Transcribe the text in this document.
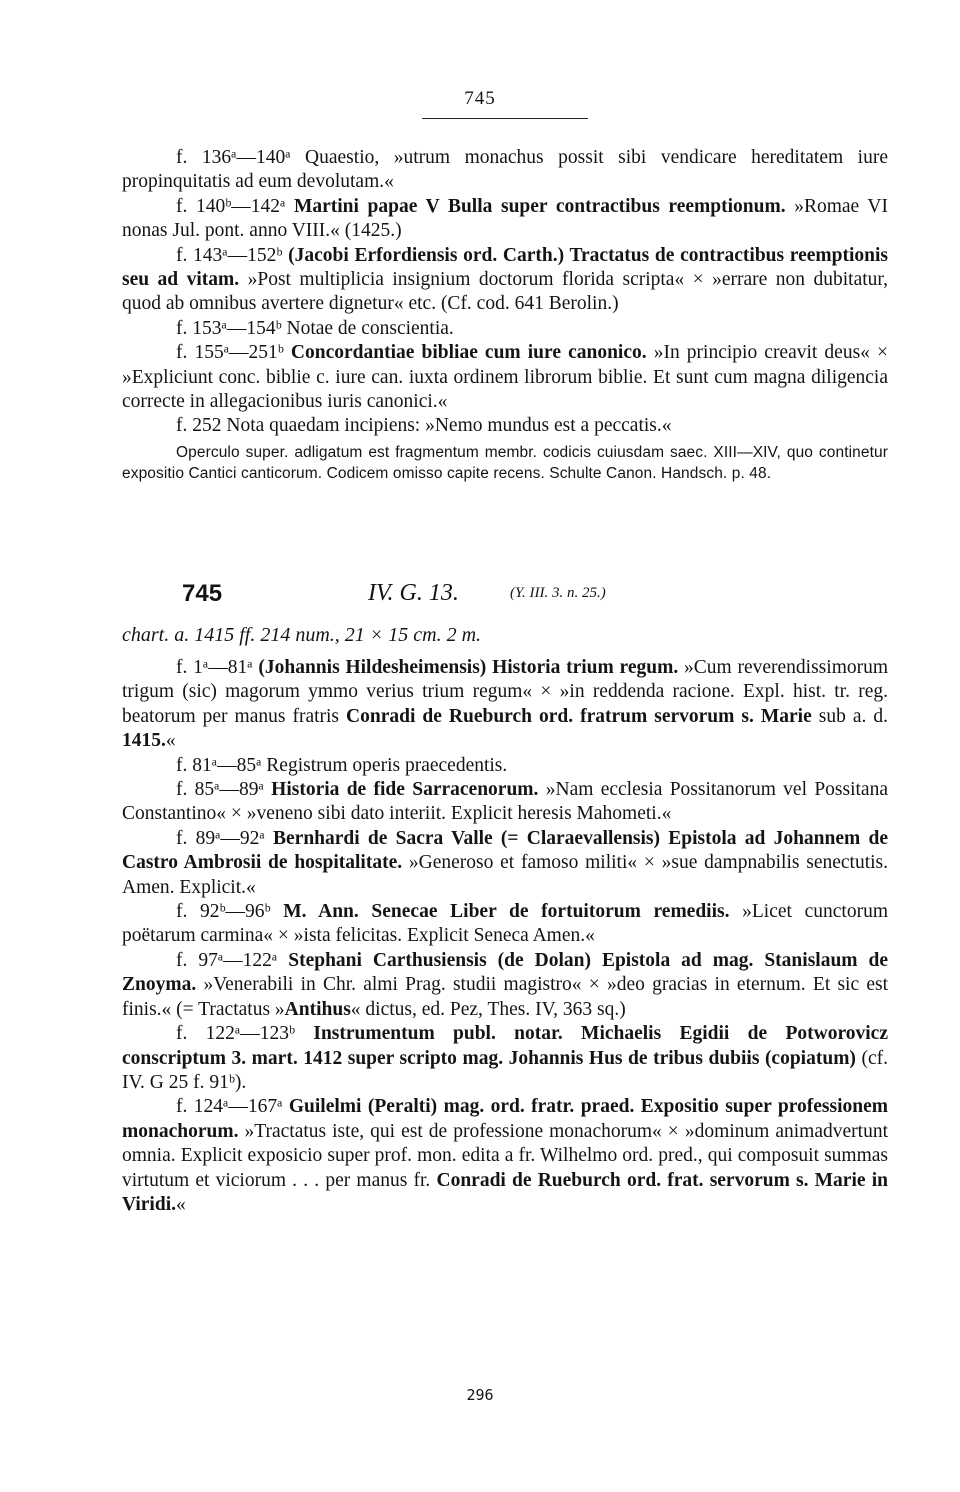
745

f. 136ᵃ—140ᵃ Quaestio, »utrum monachus possit sibi vendicare hereditatem iure propinquitatis ad eum devolutam.«

f. 140ᵇ—142ᵃ Martini papae V Bulla super contractibus reemptionum. »Romae VI nonas Jul. pont. anno VIII.« (1425.)

f. 143ᵃ—152ᵇ (Jacobi Erfordiensis ord. Carth.) Tractatus de contractibus reemptionis seu ad vitam. »Post multiplicia insignium doctorum florida scripta« × »errare non dubitatur, quod ab omnibus avertere dignetur« etc. (Cf. cod. 641 Berolin.)

f. 153ᵃ—154ᵇ Notae de conscientia.

f. 155ᵃ—251ᵇ Concordantiae bibliae cum iure canonico. »In principio creavit deus« × »Expliciunt conc. biblie c. iure can. iuxta ordinem librorum biblie. Et sunt cum magna diligencia correcte in allegacionibus iuris canonici.«

f. 252 Nota quaedam incipiens: »Nemo mundus est a peccatis.«

Operculo super. adligatum est fragmentum membr. codicis cuiusdam saec. XIII—XIV, quo continetur expositio Cantici canticorum. Codicem omisso capite recens. Schulte Canon. Handsch. p. 48.

745	IV. G. 13.	(Y. III. 3. n. 25.)
chart. a. 1415 ff. 214 num., 21 × 15 cm. 2 m.

f. 1ᵃ—81ᵃ (Johannis Hildesheimensis) Historia trium regum. »Cum reverendissimorum trigum (sic) magorum ymmo verius trium regum« × »in reddenda racione. Expl. hist. tr. reg. beatorum per manus fratris Conradi de Rueburch ord. fratrum servorum s. Marie sub a. d. 1415.«

f. 81ᵃ—85ᵃ Registrum operis praecedentis.

f. 85ᵃ—89ᵃ Historia de fide Sarracenorum. »Nam ecclesia Possitanorum vel Possitana Constantino« × »veneno sibi dato interiit. Explicit heresis Mahometi.«

f. 89ᵃ—92ᵃ Bernhardi de Sacra Valle (= Claraevallensis) Epistola ad Johannem de Castro Ambrosii de hospitalitate. »Generoso et famoso militi« × »sue dampnabilis senectutis. Amen. Explicit.«

f. 92ᵇ—96ᵇ M. Ann. Senecae Liber de fortuitorum remediis. »Licet cunctorum poëtarum carmina« × »ista felicitas. Explicit Seneca Amen.«

f. 97ᵃ—122ᵃ Stephani Carthusiensis (de Dolan) Epistola ad mag. Stanislaum de Znoyma. »Venerabili in Chr. almi Prag. studii magistro« × »deo gracias in eternum. Et sic est finis.« (= Tractatus »Antihus« dictus, ed. Pez, Thes. IV, 363 sq.)

f. 122ᵃ—123ᵇ Instrumentum publ. notar. Michaelis Egidii de Potworovicz conscriptum 3. mart. 1412 super scripto mag. Johannis Hus de tribus dubiis (copiatum) (cf. IV. G 25 f. 91ᵇ).

f. 124ᵃ—167ᵃ Guilelmi (Peralti) mag. ord. fratr. praed. Expositio super professionem monachorum. »Tractatus iste, qui est de professione monachorum« × »dominum animadvertunt omnia. Explicit exposicio super prof. mon. edita a fr. Wilhelmo ord. pred., qui composuit summas virtutum et viciorum . . . per manus fr. Conradi de Rueburch ord. frat. servorum s. Marie in Viridi.«

296
